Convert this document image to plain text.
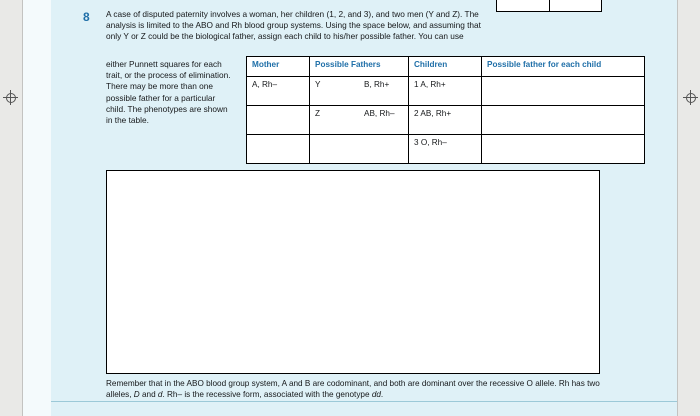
8 A case of disputed paternity involves a woman, her children (1, 2, and 3), and two men (Y and Z). The analysis is limited to the ABO and Rh blood group systems. Using the space below, and assuming that only Y or Z could be the biological father, assign each child to his/her possible father. You can use
either Punnett squares for each trait, or the process of elimination. There may be more than one possible father for a particular child. The phenotypes are shown in the table.
Mother	Possible Fathers		Children	Possible father for each child
A, Rh–	Y	B, Rh+	1 A, Rh+	
	Z	AB, Rh–	2 AB, Rh+	
			3 O, Rh–	
Remember that in the ABO blood group system, A and B are codominant, and both are dominant over the recessive O allele. Rh has two alleles, D and d. Rh– is the recessive form, associated with the genotype dd.
